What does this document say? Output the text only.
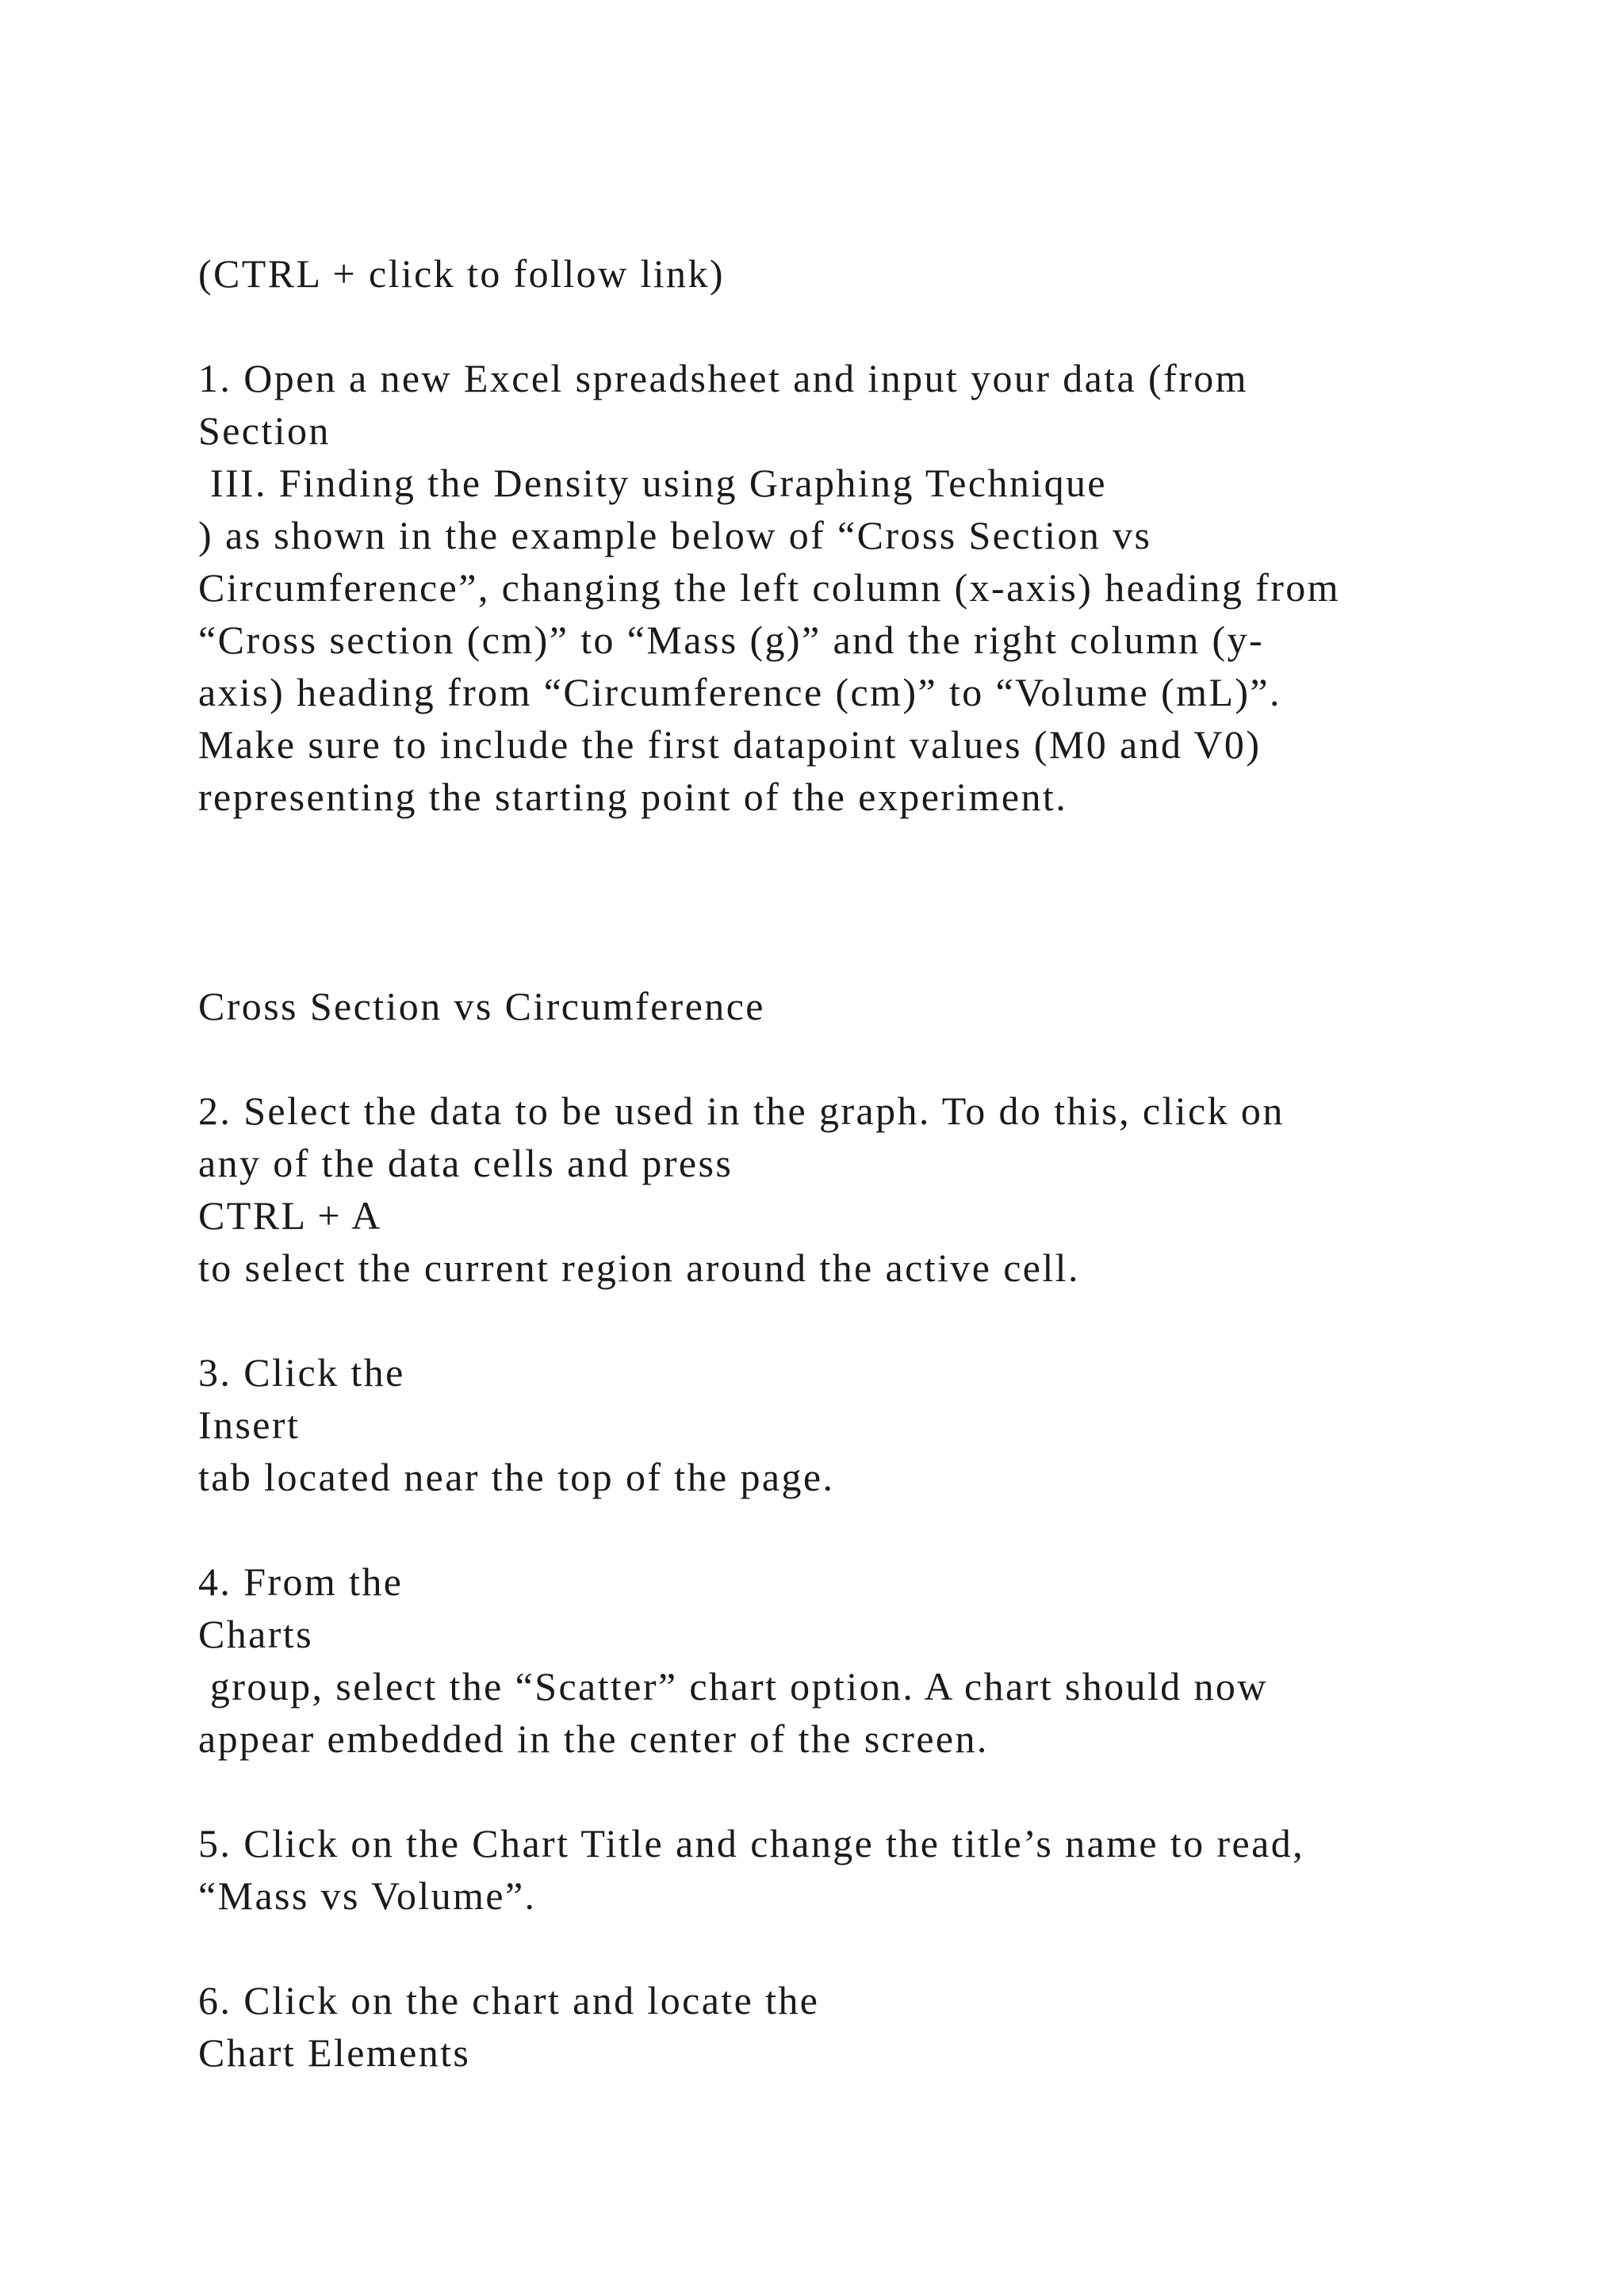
(CTRL + click to follow link)
1. Open a new Excel spreadsheet and input your data (from
Section
III. Finding the Density using Graphing Technique
) as shown in the example below of “Cross Section vs
Circumference”, changing the left column (x-axis) heading from
“Cross section (cm)” to “Mass (g)” and the right column (y-
axis) heading from “Circumference (cm)” to “Volume (mL)”.
Make sure to include the first datapoint values (M0 and V0)
representing the starting point of the experiment.
Cross Section vs Circumference
2. Select the data to be used in the graph. To do this, click on
any of the data cells and press
CTRL + A
to select the current region around the active cell.
3. Click the
Insert
tab located near the top of the page.
4. From the
Charts
group, select the “Scatter” chart option. A chart should now
appear embedded in the center of the screen.
5. Click on the Chart Title and change the title’s name to read,
“Mass vs Volume”.
6. Click on the chart and locate the
Chart Elements
